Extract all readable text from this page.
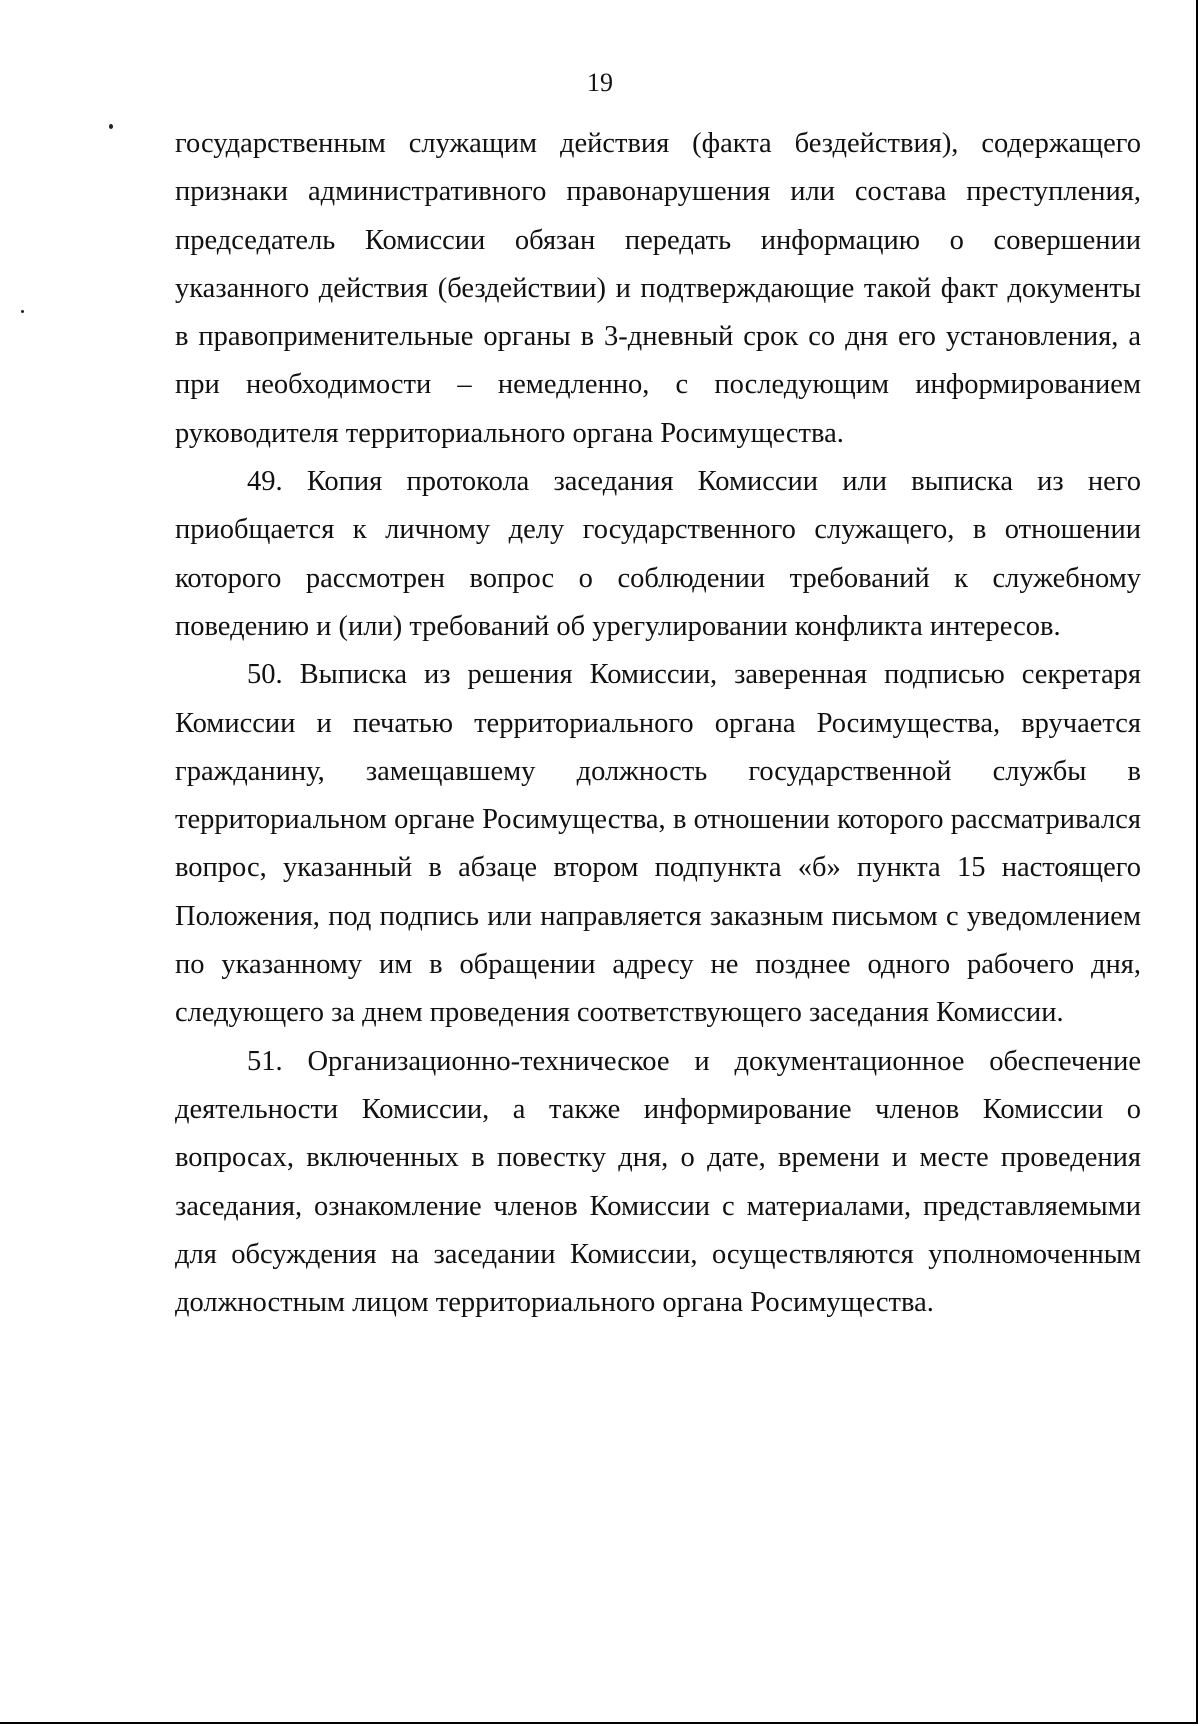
19

государственным служащим действия (факта бездействия), содержащего признаки административного правонарушения или состава преступления, председатель Комиссии обязан передать информацию о совершении указанного действия (бездействии) и подтверждающие такой факт документы в правоприменительные органы в 3-дневный срок со дня его установления, а при необходимости – немедленно, с последующим информированием руководителя территориального органа Росимущества.

49. Копия протокола заседания Комиссии или выписка из него приобщается к личному делу государственного служащего, в отношении которого рассмотрен вопрос о соблюдении требований к служебному поведению и (или) требований об урегулировании конфликта интересов.

50. Выписка из решения Комиссии, заверенная подписью секретаря Комиссии и печатью территориального органа Росимущества, вручается гражданину, замещавшему должность государственной службы в территориальном органе Росимущества, в отношении которого рассматривался вопрос, указанный в абзаце втором подпункта «б» пункта 15 настоящего Положения, под подпись или направляется заказным письмом с уведомлением по указанному им в обращении адресу не позднее одного рабочего дня, следующего за днем проведения соответствующего заседания Комиссии.

51. Организационно-техническое и документационное обеспечение деятельности Комиссии, а также информирование членов Комиссии о вопросах, включенных в повестку дня, о дате, времени и месте проведения заседания, ознакомление членов Комиссии с материалами, представляемыми для обсуждения на заседании Комиссии, осуществляются уполномоченным должностным лицом территориального органа Росимущества.
